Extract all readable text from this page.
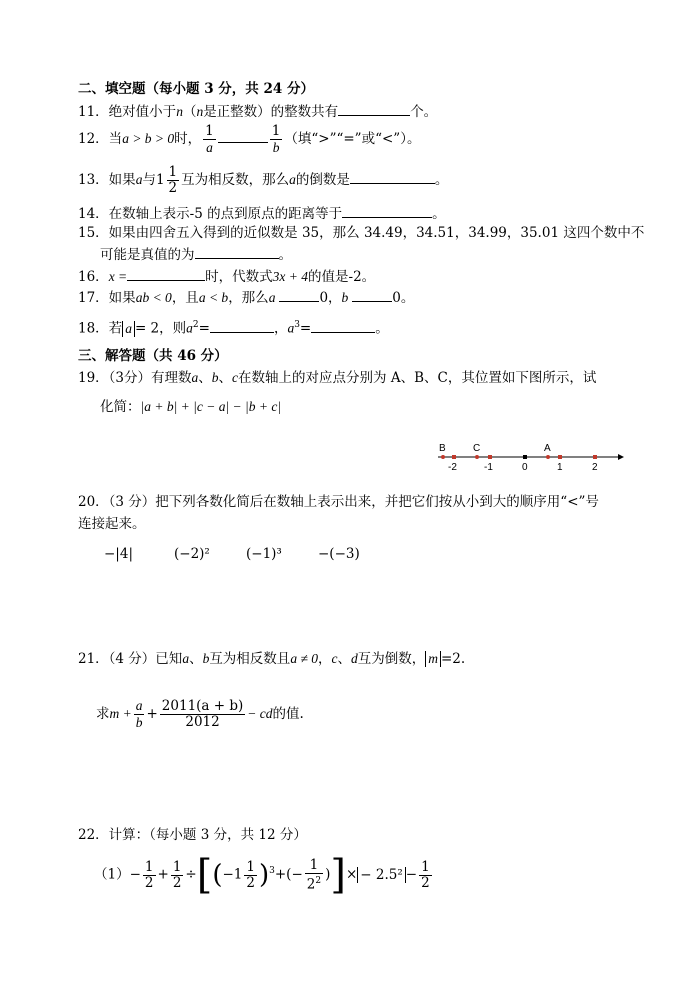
二、填空题（每小题 3 分，共 24 分）
11．绝对值小于n（n是正整数）的整数共有	个。
12．当a > b > 0时， $\frac{1}{a}$	$\frac{1}{b}$ （填“>”“=”或“<”）。
13．如果a与$1 \frac{1}{2}$ 互为相反数，那么a的倒数是	。
14．在数轴上表示-5 的点到原点的距离等于	。
15．如果由四舍五入得到的近似数是 35，那么 34.49，34.51，34.99，35.01 这四个数中不
可能是真值的为	。
16．x =	时，代数式3x + 4的值是-2。
17．如果ab < 0，且a < b，那么a	0，b	0。
18．若 a = 2，则$a^2=$	，$a^3=$	。
三、解答题（共 46 分）
19．（3分）有理数a、b、c在数轴上的对应点分别为 A、B、C，其位置如下图所示，试
化简：|a + b| + |c − a| − |b + c|
B	C	A
-2	-1	0	1	2
20．（3 分）把下列各数化简后在数轴上表示出来，并把它们按从小到大的顺序用“<”号
连接起来。
−|4|	(−2)²	(−1)³	−(−3)
21．（4 分）已知a、b互为相反数且a ≠ 0，c、d互为倒数， m =2.
求$m + \frac{a}{b} + \frac{2011(a + b)}{2012}$ − cd的值.
22．计算：（每小题 3 分，共 12 分）
$(1)- \frac{1}{2} + \frac{1}{2} \div[(-1 \frac{1}{2} )^3+(- \frac{1}{2^2}$ )]× − $2.5^2 - \frac{1}{2}$
